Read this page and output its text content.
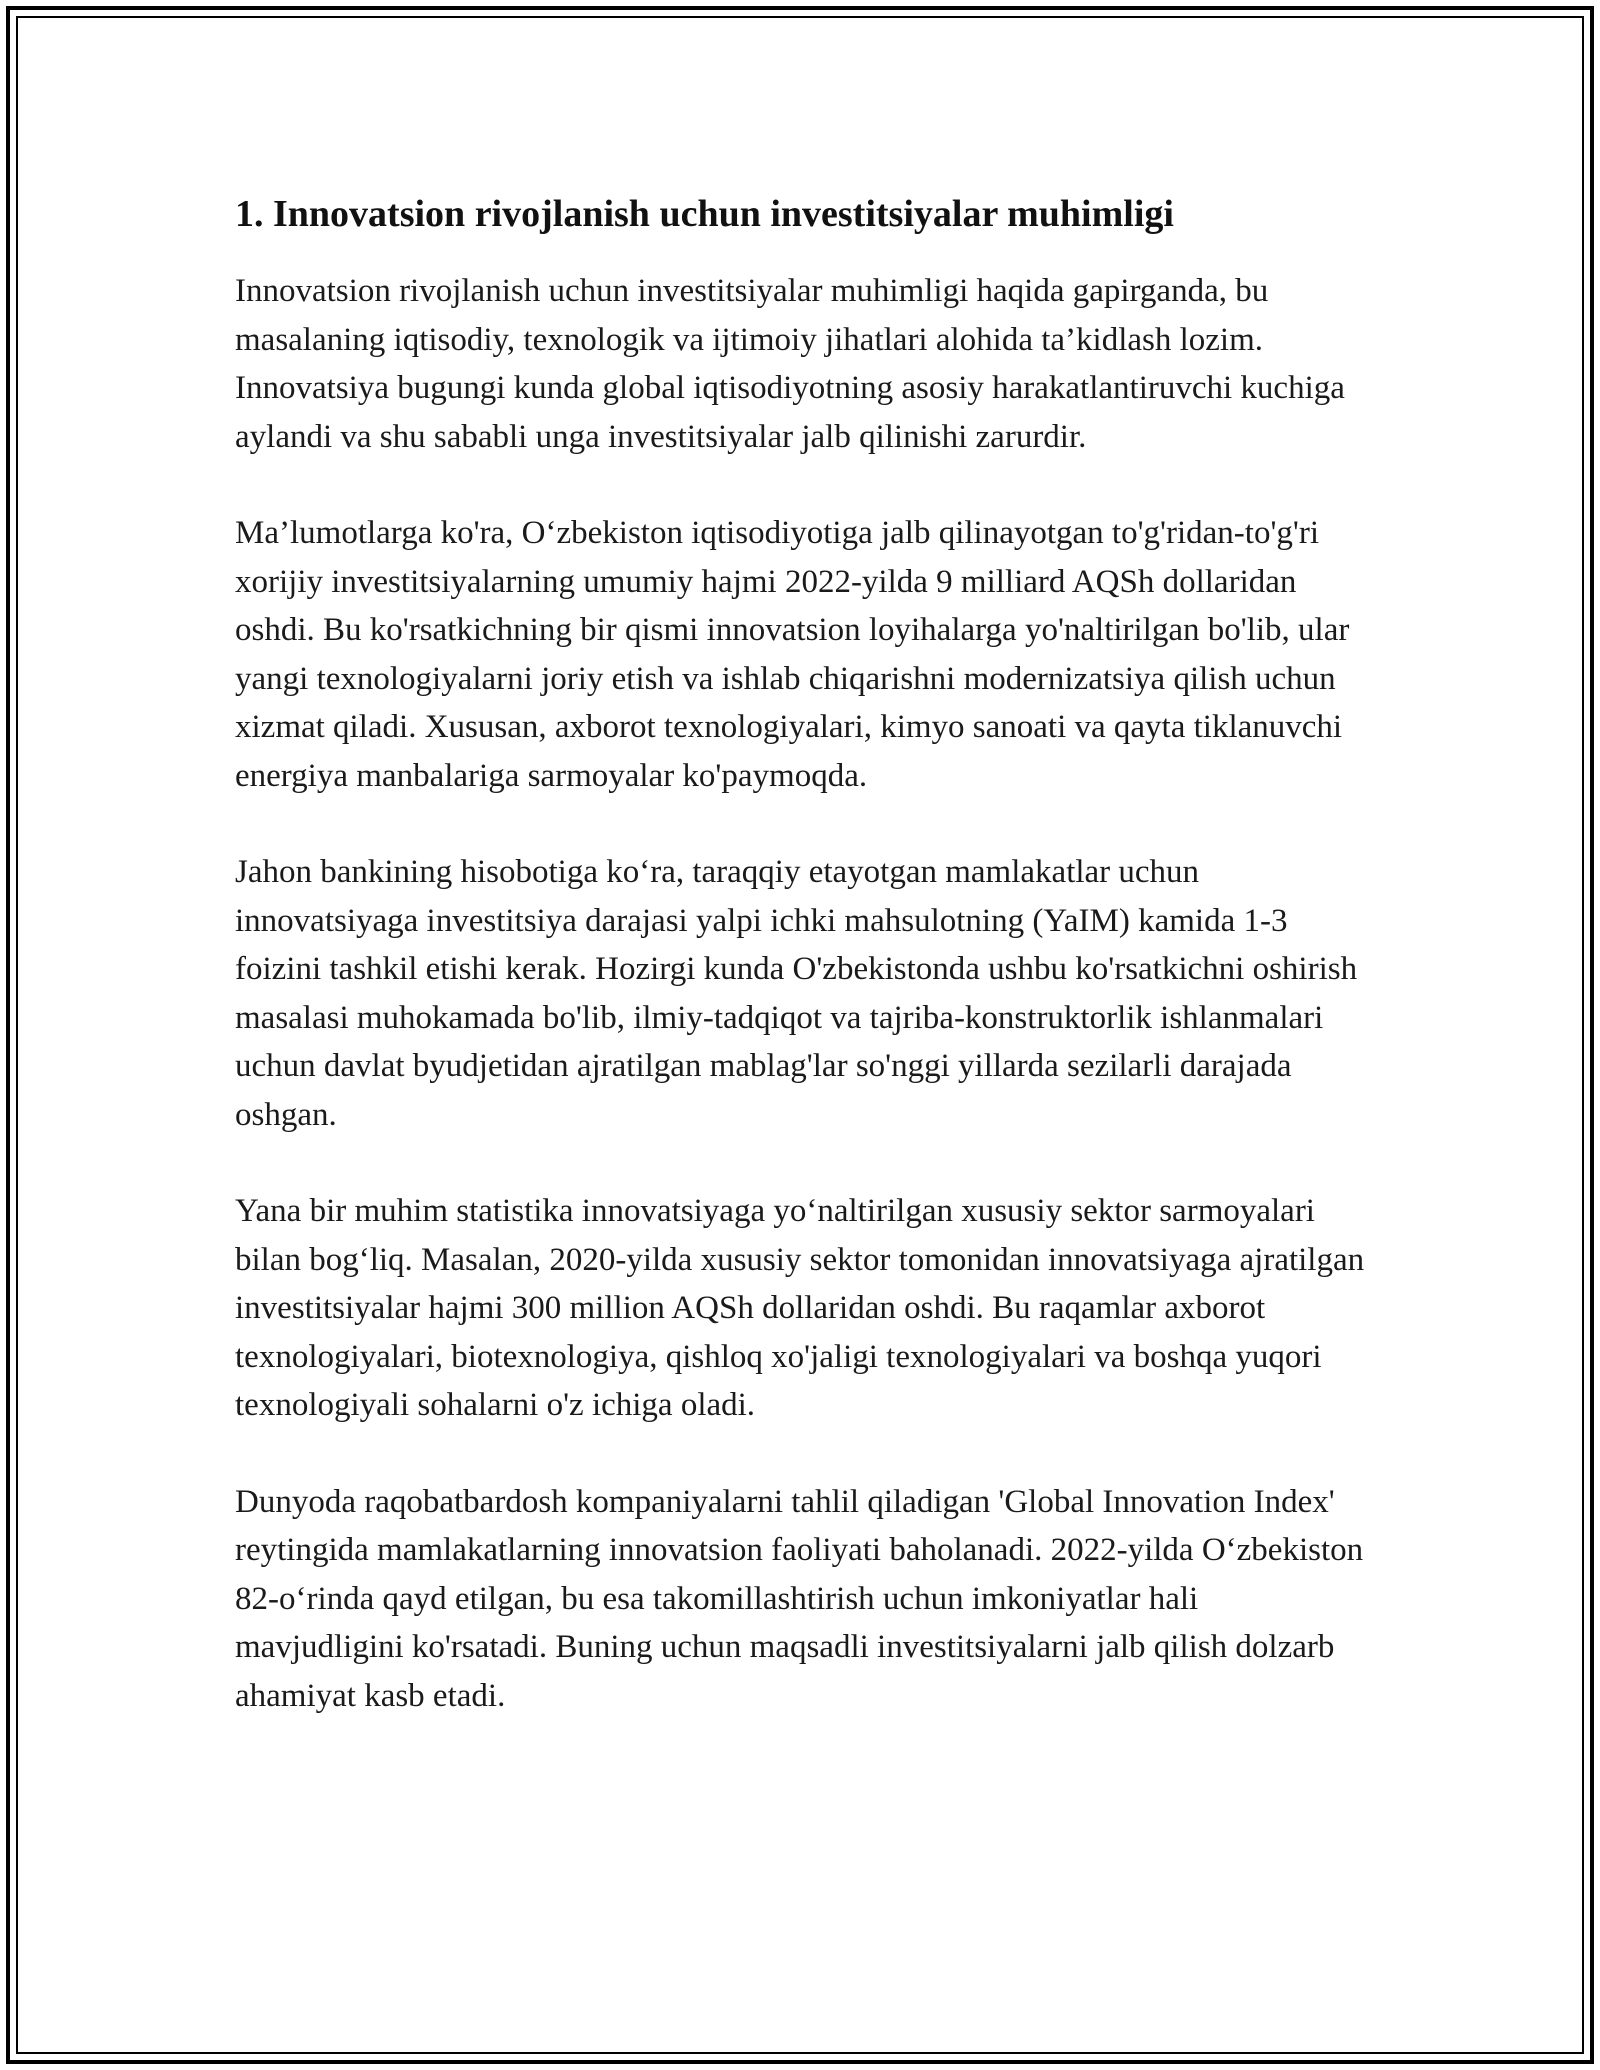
1. Innovatsion rivojlanish uchun investitsiyalar muhimligi

Innovatsion rivojlanish uchun investitsiyalar muhimligi haqida gapirganda, bu masalaning iqtisodiy, texnologik va ijtimoiy jihatlari alohida ta’kidlash lozim. Innovatsiya bugungi kunda global iqtisodiyotning asosiy harakatlantiruvchi kuchiga aylandi va shu sababli unga investitsiyalar jalb qilinishi zarurdir.

Ma’lumotlarga ko'ra, O‘zbekiston iqtisodiyotiga jalb qilinayotgan to'g'ridan-to'g'ri xorijiy investitsiyalarning umumiy hajmi 2022-yilda 9 milliard AQSh dollaridan oshdi. Bu ko'rsatkichning bir qismi innovatsion loyihalarga yo'naltirilgan bo'lib, ular yangi texnologiyalarni joriy etish va ishlab chiqarishni modernizatsiya qilish uchun xizmat qiladi. Xususan, axborot texnologiyalari, kimyo sanoati va qayta tiklanuvchi energiya manbalariga sarmoyalar ko'paymoqda.

Jahon bankining hisobotiga ko‘ra, taraqqiy etayotgan mamlakatlar uchun innovatsiyaga investitsiya darajasi yalpi ichki mahsulotning (YaIM) kamida 1-3 foizini tashkil etishi kerak. Hozirgi kunda O'zbekistonda ushbu ko'rsatkichni oshirish masalasi muhokamada bo'lib, ilmiy-tadqiqot va tajriba-konstruktorlik ishlanmalari uchun davlat byudjetidan ajratilgan mablag'lar so'nggi yillarda sezilarli darajada oshgan.

Yana bir muhim statistika innovatsiyaga yo‘naltirilgan xususiy sektor sarmoyalari bilan bog‘liq. Masalan, 2020-yilda xususiy sektor tomonidan innovatsiyaga ajratilgan investitsiyalar hajmi 300 million AQSh dollaridan oshdi. Bu raqamlar axborot texnologiyalari, biotexnologiya, qishloq xo'jaligi texnologiyalari va boshqa yuqori texnologiyali sohalarni o'z ichiga oladi.

Dunyoda raqobatbardosh kompaniyalarni tahlil qiladigan 'Global Innovation Index' reytingida mamlakatlarning innovatsion faoliyati baholanadi. 2022-yilda O‘zbekiston 82-o‘rinda qayd etilgan, bu esa takomillashtirish uchun imkoniyatlar hali mavjudligini ko'rsatadi. Buning uchun maqsadli investitsiyalarni jalb qilish dolzarb ahamiyat kasb etadi.
